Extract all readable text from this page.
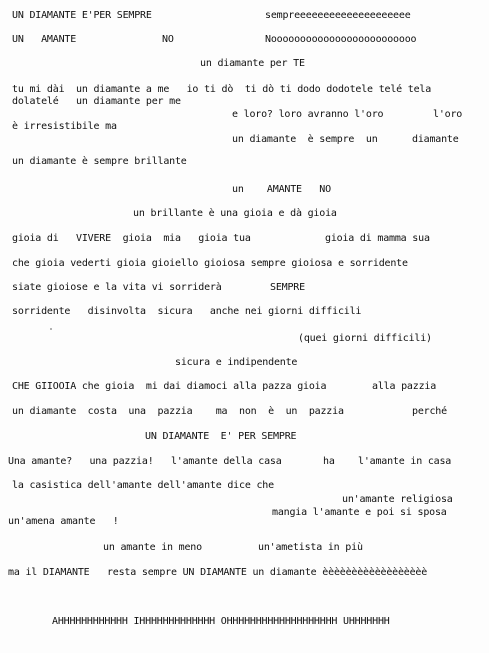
UN DIAMANTE E'PER SEMPRE	sempreeeeeeeeeeeeeeeeeeee
UN   AMANTE	NO	Nooooooooooooooooooooooooo
un diamante per TE
tu mi dài  un diamante a me   io ti dò  ti dò ti dodo dodotele telé tela
dolatelé   un diamante per me
e loro? loro avranno l'oro	l'oro
è irresistibile ma
un diamante  è sempre  un	diamante
un diamante è sempre brillante
un    AMANTE   NO
un brillante è una gioia e dà gioia
gioia di   VIVERE  gioia  mia   gioia tua	gioia di mamma sua
che gioia vederti gioia gioiello gioiosa sempre gioiosa e sorridente
siate gioiose e la vita vi sorriderà	SEMPRE
sorridente   disinvolta  sicura   anche nei giorni difficili
(quei giorni difficili)
sicura e indipendente
CHE GIIOOIA che gioia  mi dai diamoci alla pazza gioia	alla pazzia
un diamante  costa  una  pazzia    ma  non  è  un  pazzia	perché
UN DIAMANTE  E' PER SEMPRE
Una amante?   una pazzia!   l'amante della casa	ha l'amante in casa
la casistica dell'amante dell'amante dice che
un'amante religiosa
mangia l'amante e poi si sposa
un'amena amante   !
un amante in meno	un'ametista in più
ma il DIAMANTE   resta sempre UN DIAMANTE un diamante èèèèèèèèèèèèèèèèèè
AHHHHHHHHHHHH IHHHHHHHHHHHHH OHHHHHHHHHHHHHHHHHHH UHHHHHHH
